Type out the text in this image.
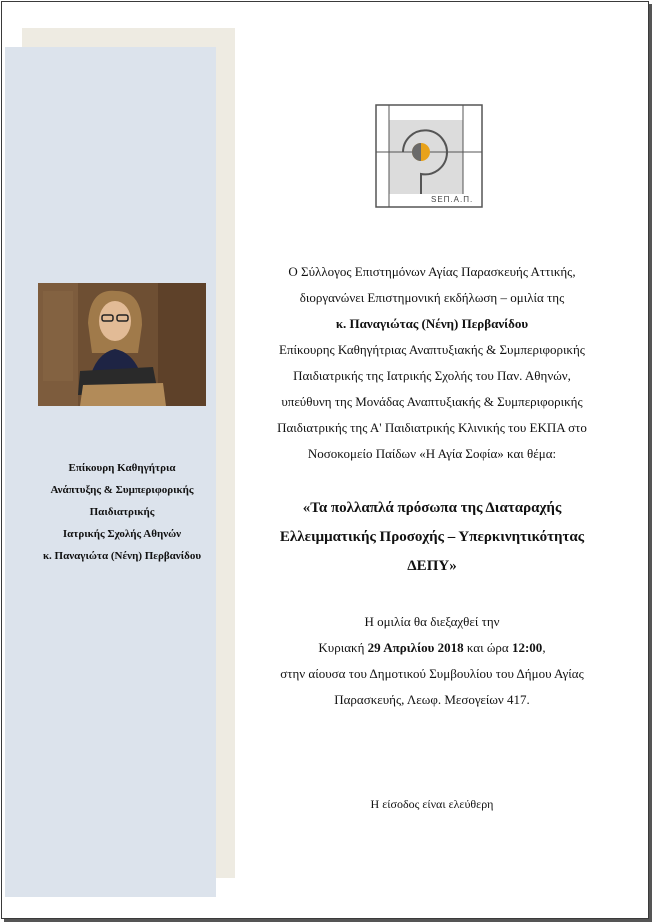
Επίκουρη Καθηγήτρια
Ανάπτυξης & Συμπεριφορικής
Παιδιατρικής
Ιατρικής Σχολής Αθηνών
κ. Παναγιώτα (Νένη) Περβανίδου
SΕΠ.Α.Π.
Ο Σύλλογος Επιστημόνων Αγίας Παρασκευής Αττικής,
διοργανώνει Επιστημονική εκδήλωση – ομιλία της
κ. Παναγιώτας (Νένη) Περβανίδου
Επίκουρης Καθηγήτριας Αναπτυξιακής & Συμπεριφορικής
Παιδιατρικής της Ιατρικής Σχολής του Παν. Αθηνών,
υπεύθυνη της Μονάδας Αναπτυξιακής & Συμπεριφορικής
Παιδιατρικής της Α' Παιδιατρικής Κλινικής του ΕΚΠΑ στο
Νοσοκομείο Παίδων «Η Αγία Σοφία» και θέμα:
«Τα πολλαπλά πρόσωπα της Διαταραχής
Ελλειμματικής Προσοχής – Υπερκινητικότητας
ΔΕΠΥ»
Η ομιλία θα διεξαχθεί την
Κυριακή 29 Απριλίου 2018 και ώρα 12:00,
στην αίουσα του Δημοτικού Συμβουλίου του Δήμου Αγίας
Παρασκευής, Λεωφ. Μεσογείων 417.
Η είσοδος είναι ελεύθερη
